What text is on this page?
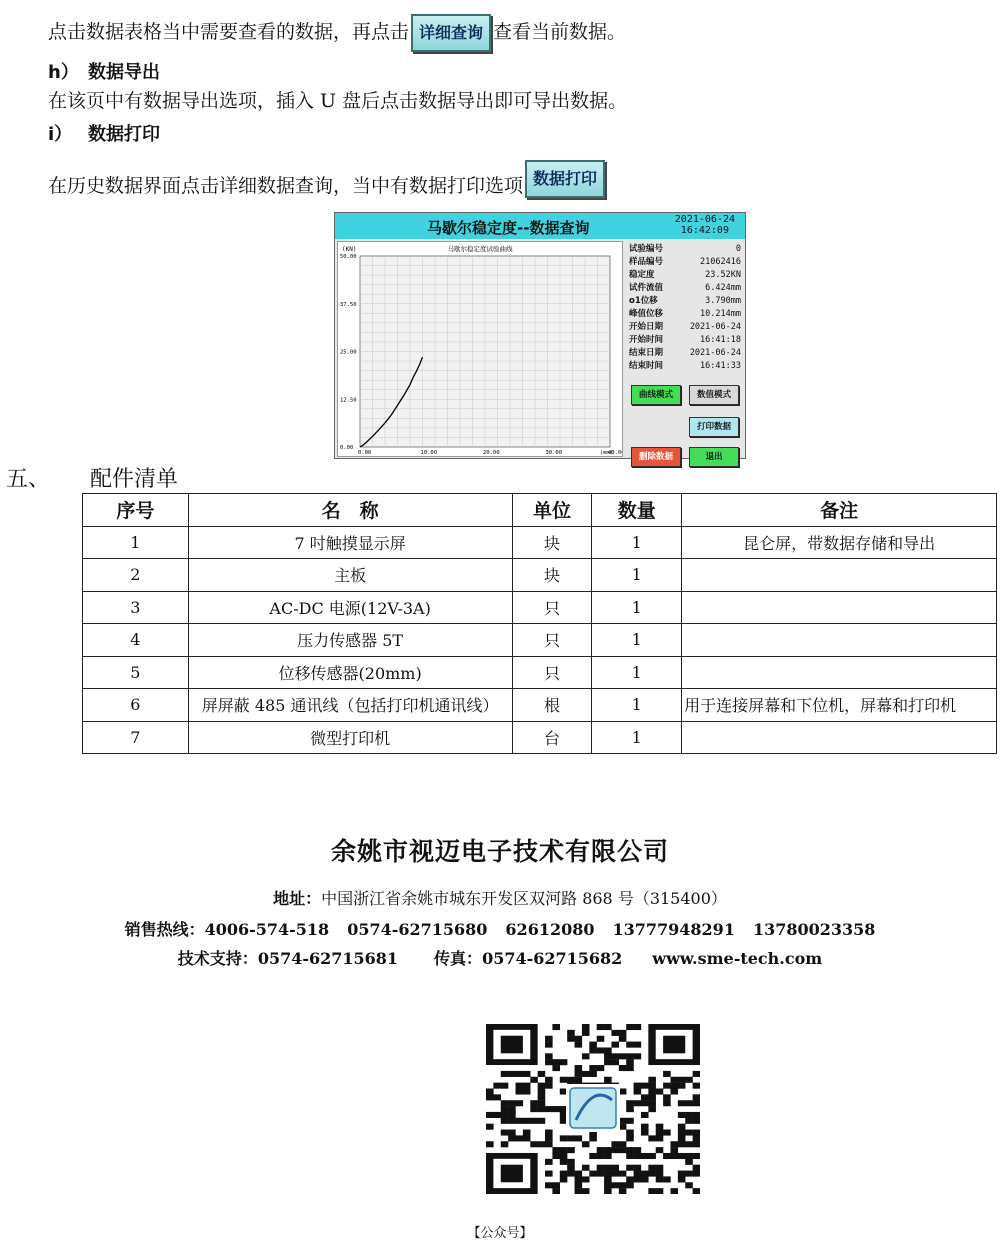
点击数据表格当中需要查看的数据，再点击 详细查询 查看当前数据。
h） 数据导出
在该页中有数据导出选项，插入 U 盘后点击数据导出即可导出数据。
i） 数据打印
在历史数据界面点击详细数据查询，当中有数据打印选项 数据打印
马歇尔稳定度--数据查询	2021-06-24
16:42:09
(KN)	马歇尔稳定度试验曲线
(mm)
0.00	10.00	20.00	30.00	40.0
0.00
12.50
25.00
37.50
50.00
试验编号	0
样品编号	21062416
稳定度	23.52KN
试件流值	6.424mm
o1位移	3.790mm
峰值位移	10.214mm
开始日期	2021-06-24
开始时间	16:41:18
结束日期	2021-06-24
结束时间	16:41:33
曲线模式	数值模式
打印数据
删除数据	退出
五、 配件清单
序号	名　称	单位	数量	备注
1	7 吋触摸显示屏	块	1	昆仑屏，带数据存储和导出
2	主板	块	1	
3	AC-DC 电源(12V-3A)	只	1	
4	压力传感器 5T	只	1	
5	位移传感器(20mm)	只	1	
6	屏屏蔽 485 通讯线（包括打印机通讯线）	根	1	用于连接屏幕和下位机，屏幕和打印机
7	微型打印机	台	1	
余姚市视迈电子技术有限公司
地址：中国浙江省余姚市城东开发区双河路 868 号（315400）
销售热线：4006-574-518 0574-62715680 62612080 13777948291 13780023358
技术支持：0574-62715681 传真：0574-62715682 www.sme-tech.com
【公众号】
